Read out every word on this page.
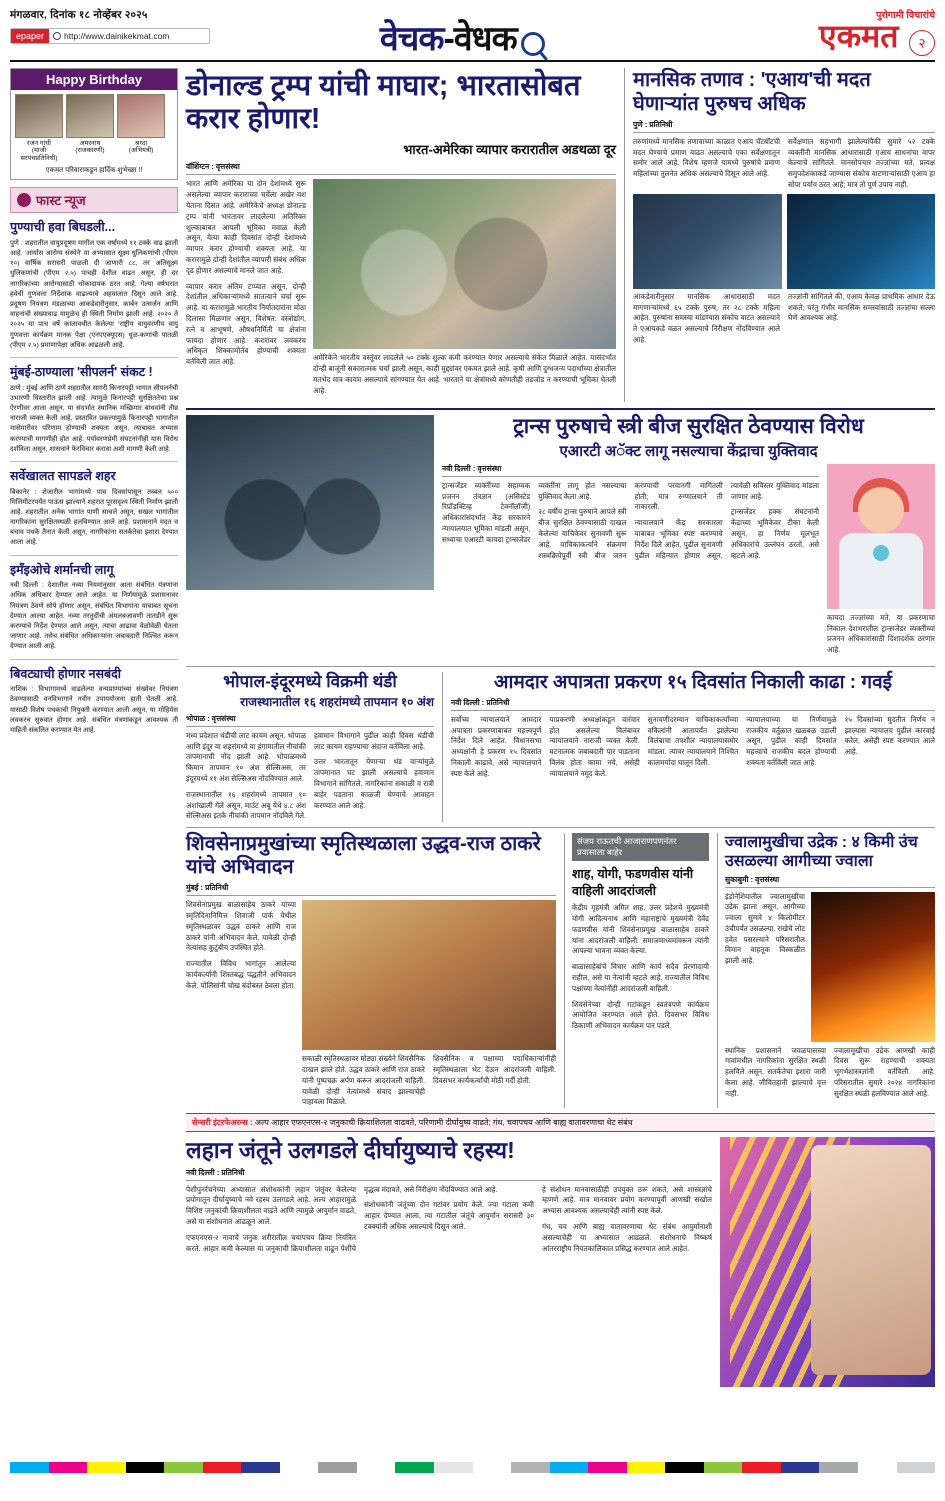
मंगळवार, दिनांक १८ नोव्हेंबर २०२५
epaper	http://www.dainikekmat.com	वेचक-वेधक
पुरोगामी विचारांचे
एकमत २
Happy Birthday
रजन गांधी
(माजी सरपंचप्रतिनिधी)
अमरनाथ
(राजकारणी)
श्रध्दा
(अभियंत्री)
एकमत परिवाराकडून हार्दिक शुभेच्छा !!
फास्ट न्यूज
पुण्याची हवा बिघडली...

पुणे : शहरातील वायुप्रदूषण मागील एक वर्षामध्ये ११ टक्के वाढ झाली आहे. 'आर्यास आरोग्य संस्थेने' या अभ्यासात सूक्ष्म धुलिकणांची (पीएम १०) वार्षिक सरासरी पाळली दी जाणारी ८८, तर अतिसूक्ष्म धुलिकणांची (पीएम २.५) पाचही देशील वाढत असून, ही दर नागरिकांच्या आरोग्यासाठी धोकादायक ठरत आहे. गेल्या वर्षभरात हवेची गुणवत्ता निर्देशांक वाढल्याचे अहवालात दिसून आले आहे. प्रदूषण नियंत्रण मंडळाच्या आकडेवारीनुसार, कार्बन उत्सर्जन आणि वाहनांची संख्यावाढ यामुळेच ही स्थिती निर्माण झाली आहे. २०२० ते २०२५ या पाच वर्षे कालावधीत केलेल्या 'राष्ट्रीय वायुवरणीय वायु गुणवत्ता कार्यक्रम मानक पेक्षा (एनएएक्यूएस) धूळ-कणांची पातळी (पीएम २.५) प्रमाणापेक्षा अधिक आढळली आहे.

मुंबई-ठाण्याला 'सीपलर्न' संकट !

ठाणे : मुंबई आणि ठाणे शहरातील सागरी किनारपट्टी भागात सीपलर्नची उभारणी विस्तारीत झाली आहे. त्यामुळे किनारपट्टी सुरक्षिततेचा प्रश्न ऐरणीवर आला असून, या संदर्भात स्थानिक मच्छिमार बांधवांनी तीव्र नाराजी व्यक्त केली आहे. प्रस्तावित प्रकल्पामुळे किनारपट्टी भागातील मासेमारीवर परिणाम होण्याची शक्यता असून, त्याबाबत अभ्यास करण्याची मागणीही होत आहे. पर्यावरणप्रेमी संघटनांनीही यास विरोध दर्शविला असून, शासनाने फेरविचार करावा अशी मागणी केली आहे.

सर्वेखालत सापडले शहर

बिकानेर : शेजारील भागांमध्ये पाच दिवसांपासून तब्बल ५०० मिलिमीटरपर्यंत पाऊस झाल्याने शहरात पूरसदृश्य स्थिती निर्माण झाली आहे. शहरातील अनेक भागांत पाणी साचले असून, सखल भागांतील नागरिकांना सुरक्षितस्थळी हलविण्यात आले आहे. प्रशासनाने मदत व बचाव पथके तैनात केली असून, नागरिकांना सतर्कतेचा इशारा देण्यात आला आहे.

इमॅंइओचे शर्मानची लागू

नवी दिल्ली : देशातील नव्या नियमांनुसार आता संबंधित यंत्रणांना अधिक अधिकार देण्यात आले आहेत. या निर्णयामुळे प्रशासनावर नियंत्रण ठेवणे सोपे होणार असून, संबंधित विभागांना याबाबत सूचना देण्यात आल्या आहेत. नव्या तरतुदींची अंमलबजावणी तातडीने सुरू करण्याचे निर्देश देण्यात आले असून, त्याचा आढावा वेळोवेळी घेतला जाणार आहे. तसेच संबंधित अधिकाऱ्यांना जबाबदारी निश्चित करून देण्यात आली आहे.

बिवट्याची होणार नसबंदी

नाशिक : विभागामध्ये वाढलेल्या वन्यप्राण्यांच्या संख्येवर नियंत्रण ठेवण्यासाठी वनविभागाने नवीन उपाययोजना हाती घेतली आहे. यासाठी विशेष पथकाची नियुक्ती करण्यात आली असून, या मोहिमेस लवकरच सुरुवात होणार आहे. संबंधित यंत्रणांकडून आवश्यक ती माहिती संकलित करण्यात येत आहे.

डोनाल्ड ट्रम्प यांची माघार; भारतासोबत करार होणार!
भारत-अमेरिका व्यापार करारातील अडथळा दूर
वॉशिंग्टन : वृत्तसंस्था

भारत आणि अमेरिका या दोन देशांमध्ये सुरू असलेल्या व्यापार कराराच्या चर्चेला अखेर यश येताना दिसत आहे. अमेरिकेचे अध्यक्ष डोनाल्ड ट्रम्प यांनी भारतावर लादलेल्या अतिरिक्त शुल्काबाबत आपली भूमिका मवाळ केली असून, येत्या काही दिवसांत दोन्ही देशांमध्ये व्यापार करार होण्याची शक्यता आहे. या करारामुळे दोन्ही देशांतील व्यापारी संबंध अधिक दृढ होणार असल्याचे मानले जात आहे.

व्यापार करार अंतिम टप्प्यात असून, दोन्ही देशांतील अधिकाऱ्यांमध्ये सातत्याने चर्चा सुरू आहे. या करारामुळे भारतीय निर्यातदारांना मोठा दिलासा मिळणार असून, विशेषत: वस्त्रोद्योग, रत्ने व आभूषणे, औषधनिर्मिती या क्षेत्रांना फायदा होणार आहे. करारावर लवकरच अधिकृत शिक्कामोर्तब होण्याची शक्यता वर्तविली जात आहे.	अमेरिकेने भारतीय वस्तूंवर लादलेले ५० टक्के शुल्क कमी करण्यात येणार असल्याचे संकेत मिळाले आहेत. यासंदर्भात दोन्ही बाजूंनी सकारात्मक चर्चा झाली असून, काही मुद्द्यांवर एकमत झाले आहे. कृषी आणि दुग्धजन्य पदार्थांच्या क्षेत्रातील मतभेद मात्र कायम असल्याचे सांगण्यात येत आहे. भारताने या क्षेत्रांमध्ये कोणतीही तडजोड न करण्याची भूमिका घेतली आहे.

मानसिक तणाव : 'एआय'ची मदत घेणाऱ्यांत पुरुषच अधिक
पुणे : प्रतिनिधी

तरुणांमध्ये मानसिक तणावाच्या काळात एआय चॅटबॉटची मदत घेण्याचे प्रमाण वाढत असल्याचे एका सर्वेक्षणातून समोर आले आहे. विशेष म्हणजे यामध्ये पुरुषांचे प्रमाण महिलांच्या तुलनेत अधिक असल्याचे दिसून आले आहे.

सर्वेक्षणात सहभागी झालेल्यांपैकी सुमारे ५२ टक्के व्यक्तींनी मानसिक आधारासाठी एआय साधनांचा वापर केल्याचे सांगितले. मानसोपचार तज्ज्ञांच्या मते, प्रत्यक्ष समुपदेशकाकडे जाण्यास संकोच वाटणाऱ्यांसाठी एआय हा सोपा पर्याय ठरत आहे; मात्र तो पूर्ण उपाय नाही.

आकडेवारीनुसार मानसिक आधारासाठी मदत मागणाऱ्यांमध्ये ६५ टक्के पुरुष, तर २८ टक्के महिला आहेत. पुरुषांना समस्या मांडण्यास संकोच वाटत असल्याने ते एआयकडे वळत असल्याचे निरीक्षण नोंदविण्यात आले आहे.

तज्ज्ञांनी सांगितले की, एआय केवळ प्राथमिक आधार देऊ शकते; परंतु गंभीर मानसिक समस्यांसाठी तज्ज्ञांचा सल्ला घेणे आवश्यक आहे.

ट्रान्स पुरुषाचे स्त्री बीज सुरक्षित ठेवण्यास विरोध
एआरटी अॅक्ट लागू नसल्याचा केंद्राचा युक्तिवाद
नवी दिल्ली : वृत्तसंस्था

ट्रान्सजेंडर व्यक्तींच्या सहाय्यक प्रजनन तंत्रज्ञान (असिस्टेड रिप्रॉडक्टिव्ह टेक्नॉलॉजी) अधिकारांसंदर्भात केंद्र सरकारने न्यायालयात भूमिका मांडली असून, सध्याचा एआरटी कायदा ट्रान्सजेंडर व्यक्तींना लागू होत नसल्याचा युक्तिवाद केला आहे.

२८ वर्षीय ट्रान्स पुरुषाने आपले स्त्री बीज सुरक्षित ठेवण्यासाठी दाखल केलेल्या याचिकेवर सुनावणी सुरू आहे. याचिकाकर्त्याने संक्रमण शस्त्रक्रियेपूर्वी स्त्री बीज जतन करण्याची परवानगी मागितली होती; मात्र रुग्णालयाने ती नाकारली.

न्यायालयाने केंद्र सरकारला याबाबत भूमिका स्पष्ट करण्याचे निर्देश दिले आहेत. पुढील सुनावणी पुढील महिन्यात होणार असून, त्यावेळी सविस्तर युक्तिवाद मांडला जाणार आहे.

ट्रान्सजेंडर हक्क संघटनांनी केंद्राच्या भूमिकेवर टीका केली असून, हा निर्णय मूलभूत अधिकारांचे उल्लंघन ठरतो, असे म्हटले आहे.

कायदा तज्ज्ञांच्या मते, या प्रकरणाचा निकाल देशभरातील ट्रान्सजेंडर व्यक्तींच्या प्रजनन अधिकारांसाठी दिशादर्शक ठरणार आहे.

भोपाल-इंदूरमध्ये विक्रमी थंडी
राजस्थानातील १६ शहरांमध्ये तापमान १० अंश
भोपाळ : वृत्तसंस्था

मध्य प्रदेशात थंडीची लाट कायम असून, भोपाळ आणि इंदूर या शहरांमध्ये या हंगामातील नीचांकी तापमानाची नोंद झाली आहे. भोपाळमध्ये किमान तापमान १० अंश सेल्सिअस, तर इंदूरमध्ये ११ अंश सेल्सिअस नोंदविण्यात आले.

राजस्थानातील १६ शहरांमध्ये तापमान १० अंशांखाली गेले असून, माउंट अबू येथे ४.८ अंश सेल्सिअस इतके नीचांकी तापमान नोंदविले गेले. हवामान विभागाने पुढील काही दिवस थंडीची लाट कायम राहण्याचा अंदाज वर्तविला आहे.

उत्तर भारतातून येणाऱ्या थंड वाऱ्यांमुळे तापमानात घट झाली असल्याचे हवामान विभागाने सांगितले. नागरिकांना सकाळी व रात्री बाहेर पडताना काळजी घेण्याचे आवाहन करण्यात आले आहे.

आमदार अपात्रता प्रकरण १५ दिवसांत निकाली काढा : गवई
नवी दिल्ली : प्रतिनिधी

सर्वोच्च न्यायालयाने आमदार अपात्रता प्रकरणाबाबत महत्त्वपूर्ण निर्देश दिले आहेत. विधानसभा अध्यक्षांनी हे प्रकरण १५ दिवसांत निकाली काढावे, असे न्यायालयाने स्पष्ट केले आहे.

याप्रकरणी अध्यक्षांकडून वारंवार होत असलेल्या विलंबावर न्यायालयाने नाराजी व्यक्त केली. घटनात्मक जबाबदारी पार पाडताना विलंब होता कामा नये, असेही न्यायालयाने नमूद केले.

सुनावणीदरम्यान याचिकाकर्त्यांच्या वकिलांनी आतापर्यंत झालेल्या विलंबाचा तपशील न्यायालयासमोर मांडला. त्यावर न्यायालयाने निश्चित कालमर्यादा घालून दिली.

न्यायालयाच्या या निर्णयामुळे राजकीय वर्तुळात खळबळ उडाली असून, पुढील काही दिवसांत महत्त्वाचे राजकीय बदल होण्याची शक्यता वर्तविली जात आहे.

१५ दिवसांच्या मुदतीत निर्णय न झाल्यास न्यायालय पुढील कारवाई करेल, असेही स्पष्ट करण्यात आले आहे.

शिवसेनाप्रमुखांच्या स्मृतिस्थळाला उद्धव-राज ठाकरे यांचे अभिवादन
मुंबई : प्रतिनिधी

शिवसेनाप्रमुख बाळासाहेब ठाकरे यांच्या स्मृतिदिनानिमित्त शिवाजी पार्क येथील स्मृतिस्थळावर उद्धव ठाकरे आणि राज ठाकरे यांनी अभिवादन केले. यावेळी दोन्ही नेत्यांसह कुटुंबीय उपस्थित होते.

राज्यातील विविध भागांतून आलेल्या कार्यकर्त्यांनी शिस्तबद्ध पद्धतीने अभिवादन केले. पोलिसांनी चोख बंदोबस्त ठेवला होता.

सकाळी स्मृतिस्थळावर मोठ्या संख्येने शिवसैनिक दाखल झाले होते. उद्धव ठाकरे आणि राज ठाकरे यांनी पुष्पचक्र अर्पण करून आदरांजली वाहिली. यावेळी दोन्ही नेत्यांमध्ये संवाद झाल्याचेही पाहायला मिळाले.

शिवसैनिक व पक्षाच्या पदाधिकाऱ्यांनीही स्मृतिस्थळाला भेट देऊन आदरांजली वाहिली. दिवसभर कार्यकर्त्यांची मोठी गर्दी होती.

संजय राऊतची आजाराणपणनंतर प्रवासाला बाहेर
शाह, योगी, फडणवीस यांनी वाहिली आदरांजली

केंद्रीय गृहमंत्री अमित शाह, उत्तर प्रदेशचे मुख्यमंत्री योगी आदित्यनाथ आणि महाराष्ट्राचे मुख्यमंत्री देवेंद्र फडणवीस यांनी शिवसेनाप्रमुख बाळासाहेब ठाकरे यांना आदरांजली वाहिली. समाजमाध्यमांवरून त्यांनी आपल्या भावना व्यक्त केल्या.

बाळासाहेबांचे विचार आणि कार्य सदैव प्रेरणादायी राहील, असे या नेत्यांनी म्हटले आहे. राज्यातील विविध पक्षांच्या नेत्यांनीही आदरांजली वाहिली.

शिवसेनेच्या दोन्ही गटांकडून स्वतंत्रपणे कार्यक्रम आयोजित करण्यात आले होते. दिवसभर विविध ठिकाणी अभिवादन कार्यक्रम पार पडले.

ज्वालामुखीचा उद्रेक : ४ किमी उंच उसळल्या आगीच्या ज्वाला
सुकाबुमी : वृत्तसंस्था

इंडोनेशियातील ज्वालामुखीचा उद्रेक झाला असून, आगीच्या ज्वाला सुमारे ४ किलोमीटर उंचीपर्यंत उसळल्या. राखेचे लोट हवेत पसरल्याने परिसरातील विमान वाहतूक विस्कळीत झाली आहे.

स्थानिक प्रशासनाने जवळपासच्या गावांमधील नागरिकांना सुरक्षित स्थळी हलविले असून, सतर्कतेचा इशारा जारी केला आहे. जीवितहानी झाल्याचे वृत्त नाही.

ज्वालामुखीचा उद्रेक आणखी काही दिवस सुरू राहण्याची शक्यता भूगर्भशास्त्रज्ञांनी वर्तविली आहे. परिसरातील सुमारे २०२४ नागरिकांना सुरक्षित स्थळी हलविण्यात आले आहे.

सेन्सरी इंटरफेअरन्स : अल्प आहार एफएनएस-२ जनुकाची क्रियाशिलता वाढवते, परिणामी दीर्घायुष्य वाढते; गंध, चवापचय आणि बाह्य वातावरणाचा थेट संबंध
लहान जंतूने उलगडले दीर्घायुष्याचे रहस्य!
नवी दिल्ली : प्रतिनिधी

पेशीपुनर्रचनेच्या अभ्यासात संशोधकांनी लहान जंतूंवर केलेल्या प्रयोगातून दीर्घायुष्याचे नवे रहस्य उलगडले आहे. अल्प आहारामुळे विशिष्ट जनुकांची क्रियाशीलता वाढते आणि त्यामुळे आयुर्मान वाढते, असे या संशोधनात आढळून आले.

एफएनएस-२ नावाचे जनुक शरीरातील चयापचय क्रिया नियंत्रित करते. आहार कमी केल्यास या जनुकाची क्रियाशीलता वाढून पेशींचे वृद्धत्व मंदावते, असे निरीक्षण नोंदविण्यात आले आहे.

संशोधकांनी जंतूंच्या दोन गटांवर प्रयोग केले. ज्या गटाला कमी आहार देण्यात आला, त्या गटातील जंतूंचे आयुर्मान सरासरी ३० टक्क्यांनी अधिक असल्याचे दिसून आले.

हे संशोधन मानवासाठीही उपयुक्त ठरू शकते, असे शास्त्रज्ञांचे म्हणणे आहे. मात्र मानवावर प्रयोग करण्यापूर्वी आणखी सखोल अभ्यास आवश्यक असल्याचेही त्यांनी स्पष्ट केले.

गंध, चव आणि बाह्य वातावरणाचा थेट संबंध आयुर्मानाशी असल्याचेही या अभ्यासात आढळले. संशोधनाचे निष्कर्ष आंतरराष्ट्रीय नियतकालिकात प्रसिद्ध करण्यात आले आहेत.
